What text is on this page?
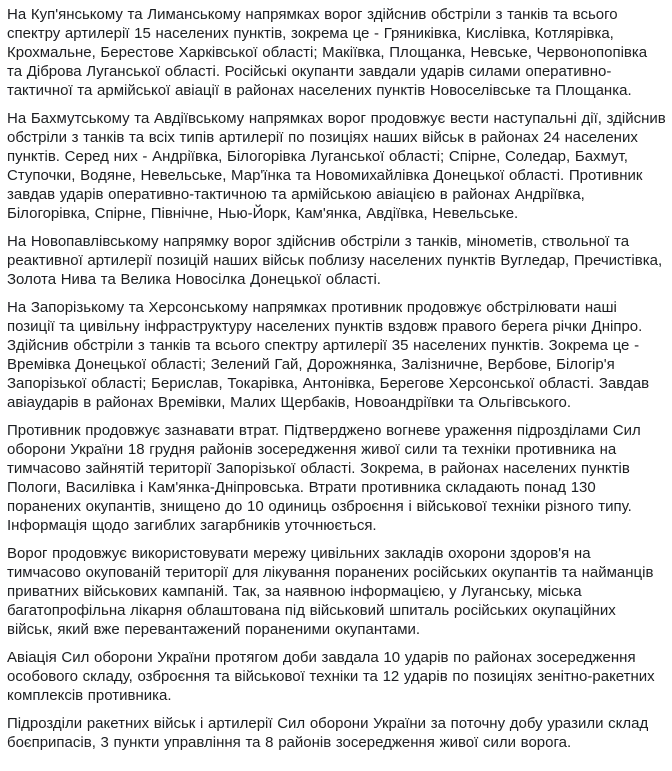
На Куп'янському та Лиманському напрямках ворог здійснив обстріли з танків та всього спектру артилерії 15 населених пунктів, зокрема це - Гряниківка, Кислівка, Котлярівка, Крохмальне, Берестове Харківської області; Макіївка, Площанка, Невське, Червонопопівка та Діброва Луганської області. Російські окупанти завдали ударів силами оперативно-тактичної та армійської авіації в районах населених пунктів Новоселівське та Площанка.

На Бахмутському та Авдіївському напрямках ворог продовжує вести наступальні дії, здійснив обстріли з танків та всіх типів артилерії по позиціях наших військ в районах 24 населених пунктів. Серед них - Андріївка, Білогорівка Луганської області; Спірне, Соледар, Бахмут, Ступочки, Водяне, Невельське, Мар'їнка та Новомихайлівка Донецької області. Противник завдав ударів оперативно-тактичною та армійською авіацією в районах Андріївка, Білогорівка, Спірне, Північне, Нью-Йорк, Кам'янка, Авдіївка, Невельське.

На Новопавлівському напрямку ворог здійснив обстріли з танків, мінометів, ствольної та реактивної артилерії позицій наших військ поблизу населених пунктів Вугледар, Пречистівка, Золота Нива та Велика Новосілка Донецької області.

На Запорізькому та Херсонському напрямках противник продовжує обстрілювати наші позиції та цивільну інфраструктуру населених пунктів вздовж правого берега річки Дніпро. Здійснив обстріли з танків та всього спектру артилерії 35 населених пунктів. Зокрема це - Времівка Донецької області; Зелений Гай, Дорожнянка, Залізничне, Вербове, Білогір'я Запорізької області; Берислав, Токарівка, Антонівка, Берегове Херсонської області. Завдав авіаударів в районах Времівки, Малих Щербаків, Новоандріївки та Ольгівського.

Противник продовжує зазнавати втрат. Підтверджено вогневе ураження підрозділами Сил оборони України 18 грудня районів зосередження живої сили та техніки противника на тимчасово зайнятій території Запорізької області. Зокрема, в районах населених пунктів Пологи, Василівка і Кам'янка-Дніпровська. Втрати противника складають понад 130 поранених окупантів, знищено до 10 одиниць озброєння і військової техніки різного типу. Інформація щодо загиблих загарбників уточнюється.

Ворог продовжує використовувати мережу цивільних закладів охорони здоров'я на тимчасово окупованій території для лікування поранених російських окупантів та найманців приватних військових кампаній. Так, за наявною інформацією, у Луганську, міська багатопрофільна лікарня облаштована під військовий шпиталь російських окупаційних військ, який вже перевантажений пораненими окупантами.

Авіація Сил оборони України протягом доби завдала 10 ударів по районах зосередження особового складу, озброєння та військової техніки та 12 ударів по позиціях зенітно-ракетних комплексів противника.

Підрозділи ракетних військ і артилерії Сил оборони України за поточну добу уразили склад боєприпасів, 3 пункти управління та 8 районів зосередження живої сили ворога.
